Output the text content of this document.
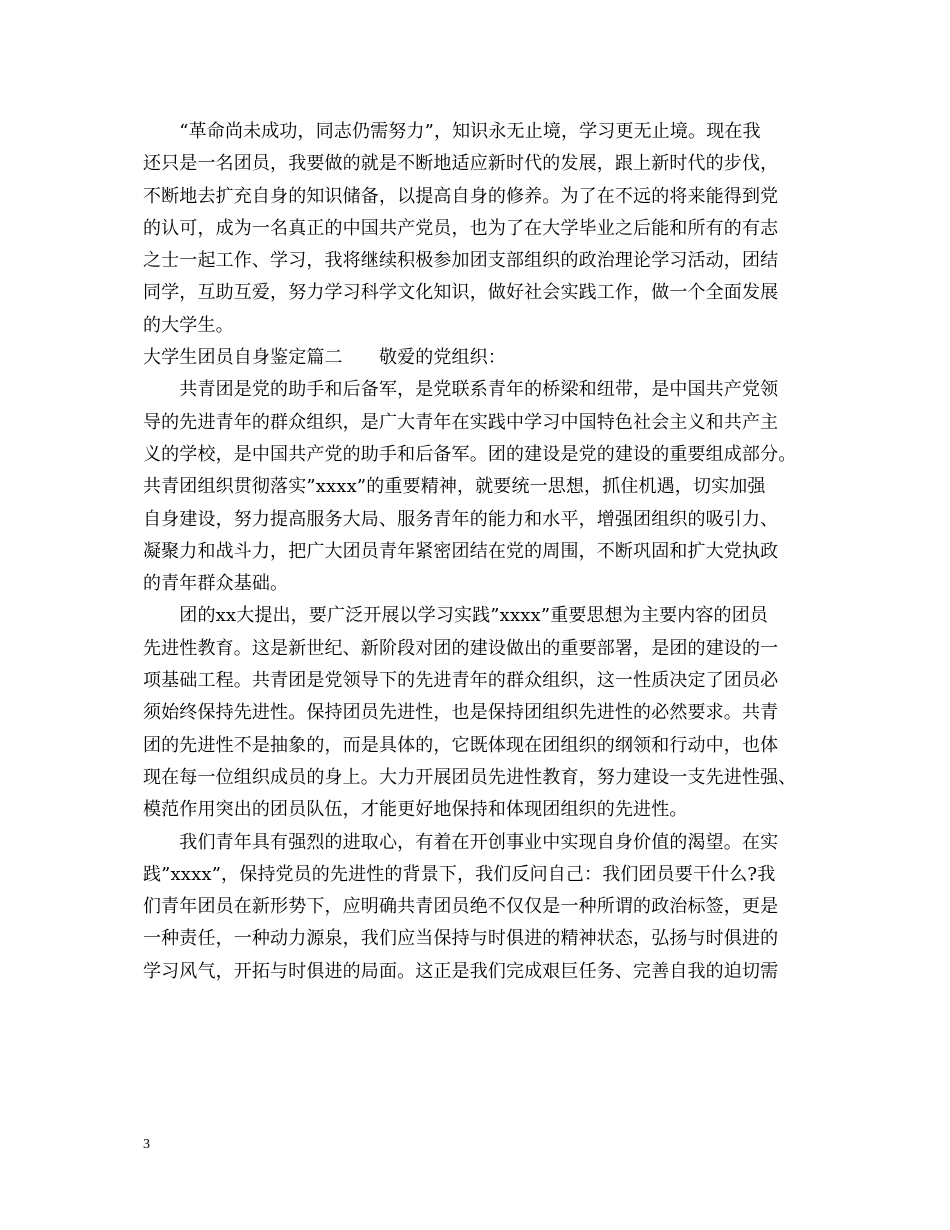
　　“革命尚未成功，同志仍需努力”，知识永无止境，学习更无止境。现在我
还只是一名团员，我要做的就是不断地适应新时代的发展，跟上新时代的步伐，
不断地去扩充自身的知识储备，以提高自身的修养。为了在不远的将来能得到党
的认可，成为一名真正的中国共产党员，也为了在大学毕业之后能和所有的有志
之士一起工作、学习，我将继续积极参加团支部组织的政治理论学习活动，团结
同学，互助互爱，努力学习科学文化知识，做好社会实践工作，做一个全面发展
的大学生。
大学生团员自身鉴定篇二　　敬爱的党组织：
　　共青团是党的助手和后备军，是党联系青年的桥梁和纽带，是中国共产党领
导的先进青年的群众组织，是广大青年在实践中学习中国特色社会主义和共产主
义的学校，是中国共产党的助手和后备军。团的建设是党的建设的重要组成部分。
共青团组织贯彻落实”xxxx”的重要精神，就要统一思想，抓住机遇，切实加强
自身建设，努力提高服务大局、服务青年的能力和水平，增强团组织的吸引力、
凝聚力和战斗力，把广大团员青年紧密团结在党的周围，不断巩固和扩大党执政
的青年群众基础。
　　团的xx大提出，要广泛开展以学习实践”xxxx”重要思想为主要内容的团员
先进性教育。这是新世纪、新阶段对团的建设做出的重要部署，是团的建设的一
项基础工程。共青团是党领导下的先进青年的群众组织，这一性质决定了团员必
须始终保持先进性。保持团员先进性，也是保持团组织先进性的必然要求。共青
团的先进性不是抽象的，而是具体的，它既体现在团组织的纲领和行动中，也体
现在每一位组织成员的身上。大力开展团员先进性教育，努力建设一支先进性强、
模范作用突出的团员队伍，才能更好地保持和体现团组织的先进性。
　　我们青年具有强烈的进取心，有着在开创事业中实现自身价值的渴望。在实
践”xxxx”，保持党员的先进性的背景下，我们反问自己：我们团员要干什么?我
们青年团员在新形势下，应明确共青团员绝不仅仅是一种所谓的政治标签，更是
一种责任，一种动力源泉，我们应当保持与时俱进的精神状态，弘扬与时俱进的
学习风气，开拓与时俱进的局面。这正是我们完成艰巨任务、完善自我的迫切需
3
